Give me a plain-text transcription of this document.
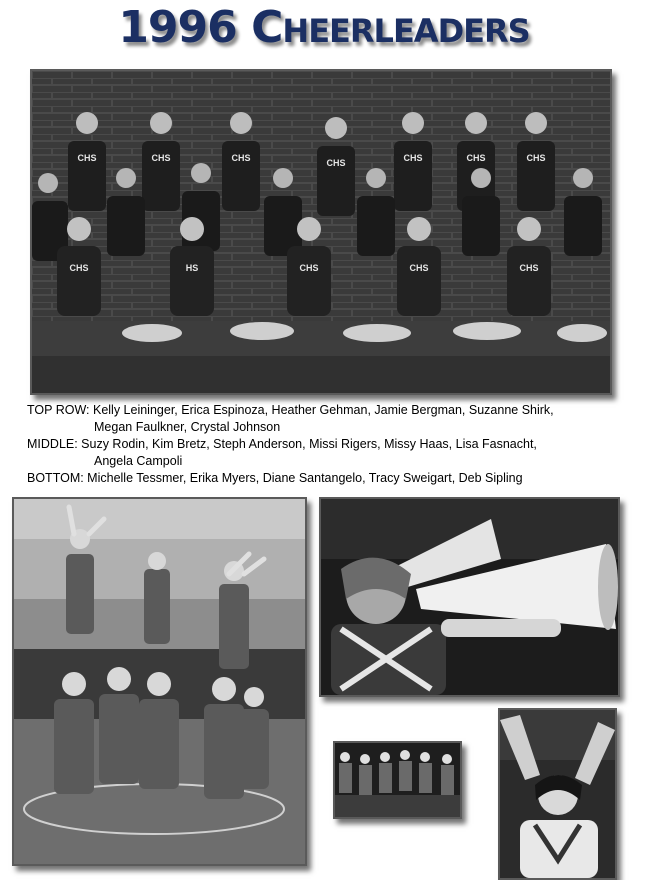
1996 CHEERLEADERS
CHS	HS	CHS	CHS	CHS
CHS	CHS	CHS	CHS	CHS	CHS	CHS
TOP ROW: Kelly Leininger, Erica Espinoza, Heather Gehman, Jamie Bergman, Suzanne Shirk,
Megan Faulkner, Crystal Johnson
MIDDLE: Suzy Rodin, Kim Bretz, Steph Anderson, Missi Rigers, Missy Haas, Lisa Fasnacht,
Angela Campoli
BOTTOM: Michelle Tessmer, Erika Myers, Diane Santangelo, Tracy Sweigart, Deb Sipling
